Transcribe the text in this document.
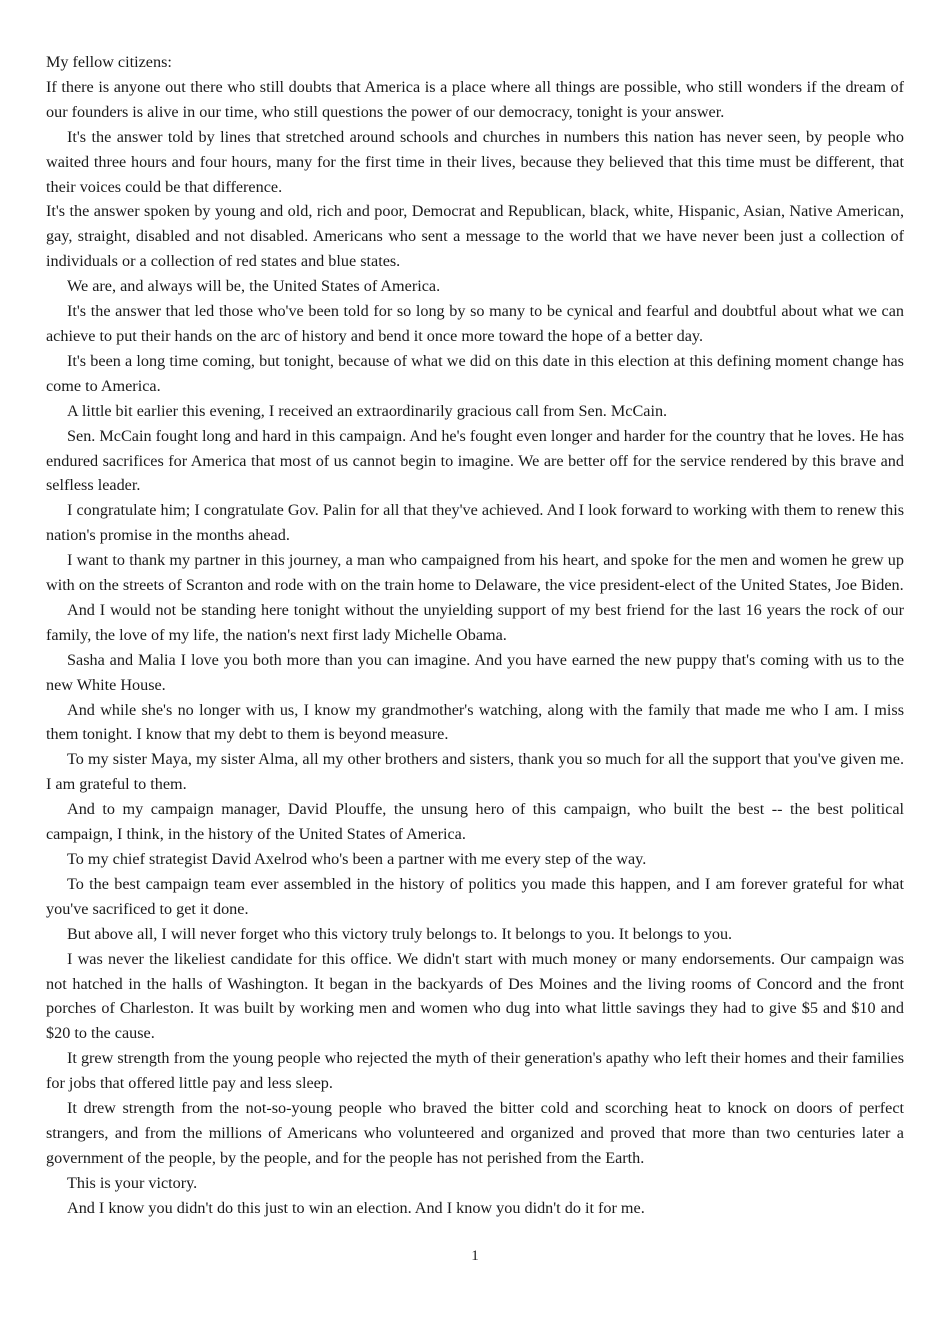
My fellow citizens:

If there is anyone out there who still doubts that America is a place where all things are possible, who still wonders if the dream of our founders is alive in our time, who still questions the power of our democracy, tonight is your answer.

It's the answer told by lines that stretched around schools and churches in numbers this nation has never seen, by people who waited three hours and four hours, many for the first time in their lives, because they believed that this time must be different, that their voices could be that difference.

It's the answer spoken by young and old, rich and poor, Democrat and Republican, black, white, Hispanic, Asian, Native American, gay, straight, disabled and not disabled. Americans who sent a message to the world that we have never been just a collection of individuals or a collection of red states and blue states.

We are, and always will be, the United States of America.

It's the answer that led those who've been told for so long by so many to be cynical and fearful and doubtful about what we can achieve to put their hands on the arc of history and bend it once more toward the hope of a better day.

It's been a long time coming, but tonight, because of what we did on this date in this election at this defining moment change has come to America.

A little bit earlier this evening, I received an extraordinarily gracious call from Sen. McCain.

Sen. McCain fought long and hard in this campaign. And he's fought even longer and harder for the country that he loves. He has endured sacrifices for America that most of us cannot begin to imagine. We are better off for the service rendered by this brave and selfless leader.

I congratulate him; I congratulate Gov. Palin for all that they've achieved. And I look forward to working with them to renew this nation's promise in the months ahead.

I want to thank my partner in this journey, a man who campaigned from his heart, and spoke for the men and women he grew up with on the streets of Scranton and rode with on the train home to Delaware, the vice president-elect of the United States, Joe Biden.

And I would not be standing here tonight without the unyielding support of my best friend for the last 16 years the rock of our family, the love of my life, the nation's next first lady Michelle Obama.

Sasha and Malia I love you both more than you can imagine. And you have earned the new puppy that's coming with us to the new White House.

And while she's no longer with us, I know my grandmother's watching, along with the family that made me who I am. I miss them tonight. I know that my debt to them is beyond measure.

To my sister Maya, my sister Alma, all my other brothers and sisters, thank you so much for all the support that you've given me. I am grateful to them.

And to my campaign manager, David Plouffe, the unsung hero of this campaign, who built the best -- the best political campaign, I think, in the history of the United States of America.

To my chief strategist David Axelrod who's been a partner with me every step of the way.

To the best campaign team ever assembled in the history of politics you made this happen, and I am forever grateful for what you've sacrificed to get it done.

But above all, I will never forget who this victory truly belongs to. It belongs to you. It belongs to you.

I was never the likeliest candidate for this office. We didn't start with much money or many endorsements. Our campaign was not hatched in the halls of Washington. It began in the backyards of Des Moines and the living rooms of Concord and the front porches of Charleston. It was built by working men and women who dug into what little savings they had to give $5 and $10 and $20 to the cause.

It grew strength from the young people who rejected the myth of their generation's apathy who left their homes and their families for jobs that offered little pay and less sleep.

It drew strength from the not-so-young people who braved the bitter cold and scorching heat to knock on doors of perfect strangers, and from the millions of Americans who volunteered and organized and proved that more than two centuries later a government of the people, by the people, and for the people has not perished from the Earth.

This is your victory.

And I know you didn't do this just to win an election. And I know you didn't do it for me.

1
